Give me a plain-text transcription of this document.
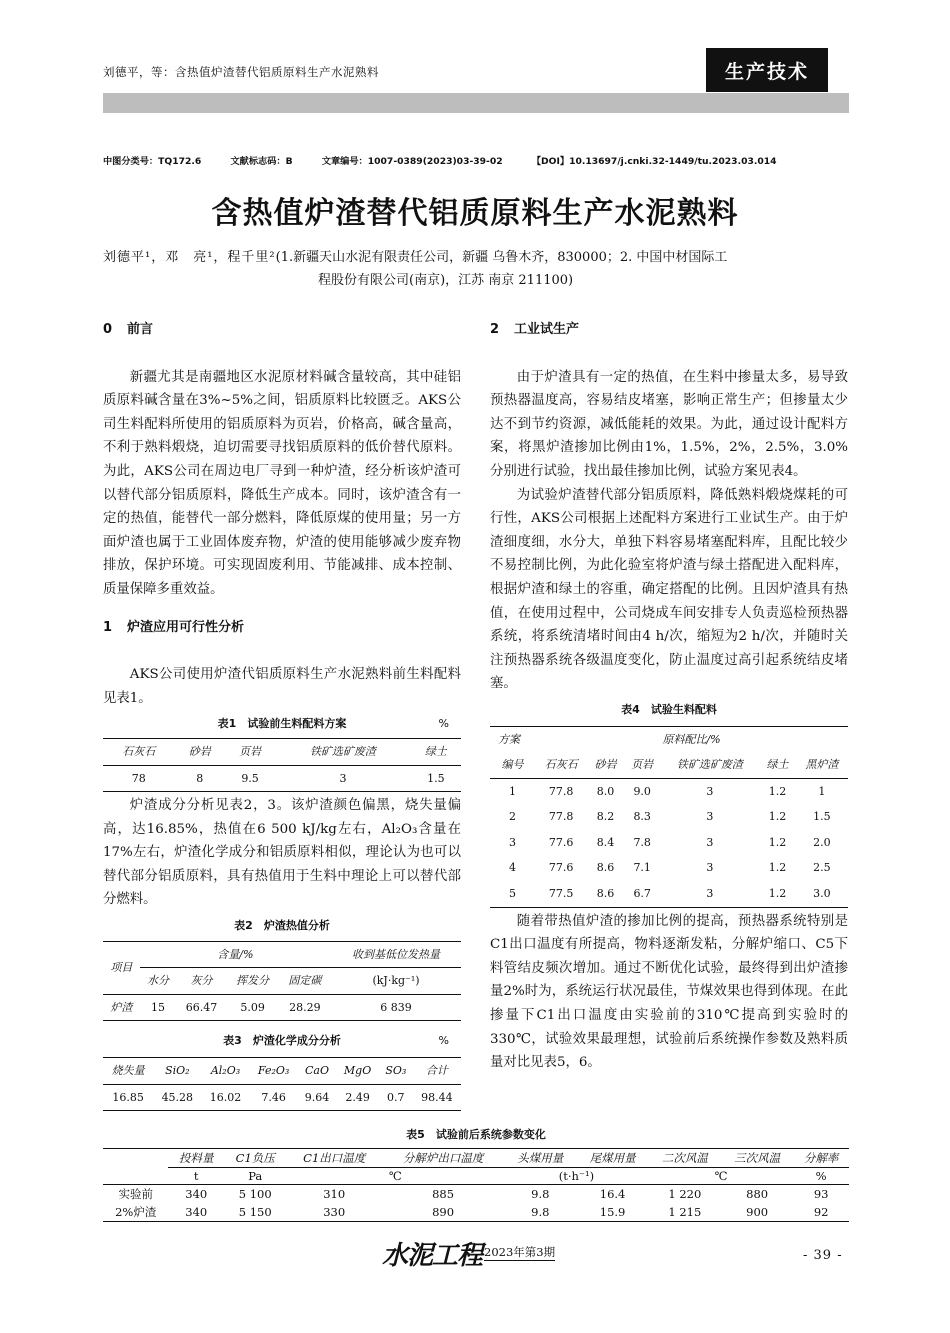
刘德平，等：含热值炉渣替代铝质原料生产水泥熟料	生产技术
中图分类号：TQ172.6	文献标志码：B	文章编号：1007-0389(2023)03-39-02	【DOI】10.13697/j.cnki.32-1449/tu.2023.03.014
含热值炉渣替代铝质原料生产水泥熟料
刘德平¹，邓　亮¹，程千里²(1.新疆天山水泥有限责任公司，新疆 乌鲁木齐，830000；2. 中国中材国际工
程股份有限公司(南京)，江苏 南京 211100)
0 前言

新疆尤其是南疆地区水泥原材料碱含量较高，其中硅铝质原料碱含量在3%~5%之间，铝质原料比较匮乏。AKS公司生料配料所使用的铝质原料为页岩，价格高，碱含量高，不利于熟料煅烧，迫切需要寻找铝质原料的低价替代原料。为此，AKS公司在周边电厂寻到一种炉渣，经分析该炉渣可以替代部分铝质原料，降低生产成本。同时，该炉渣含有一定的热值，能替代一部分燃料，降低原煤的使用量；另一方面炉渣也属于工业固体废弃物，炉渣的使用能够减少废弃物排放，保护环境。可实现固废利用、节能减排、成本控制、质量保障多重效益。

1 炉渣应用可行性分析

AKS公司使用炉渣代铝质原料生产水泥熟料前生料配料见表1。

表1　试验前生料配料方案	%
石灰石	砂岩	页岩	铁矿选矿废渣	绿土
78	8	9.5	3	1.5

炉渣成分分析见表2，3。该炉渣颜色偏黑，烧失量偏高，达16.85%，热值在6 500 kJ/kg左右，Al₂O₃含量在17%左右，炉渣化学成分和铝质原料相似，理论认为也可以替代部分铝质原料，具有热值用于生料中理论上可以替代部分燃料。

表2　炉渣热值分析
项目	含量/%				收到基低位发热量
	水分	灰分	挥发分	固定碳	(kJ·kg⁻¹)
炉渣	15	66.47	5.09	28.29	6 839
表3　炉渣化学成分分析	%
烧失量	SiO₂	Al₂O₃	Fe₂O₃	CaO	MgO	SO₃	合计
16.85	45.28	16.02	7.46	9.64	2.49	0.7	98.44
2 工业试生产

由于炉渣具有一定的热值，在生料中掺量太多，易导致预热器温度高，容易结皮堵塞，影响正常生产；但掺量太少达不到节约资源，减低能耗的效果。为此，通过设计配料方案，将黑炉渣掺加比例由1%，1.5%，2%，2.5%，3.0%分别进行试验，找出最佳掺加比例，试验方案见表4。

为试验炉渣替代部分铝质原料，降低熟料煅烧煤耗的可行性，AKS公司根据上述配料方案进行工业试生产。由于炉渣细度细，水分大，单独下料容易堵塞配料库，且配比较少不易控制比例，为此化验室将炉渣与绿土搭配进入配料库，根据炉渣和绿土的容重，确定搭配的比例。且因炉渣具有热值，在使用过程中，公司烧成车间安排专人负责巡检预热器系统，将系统清堵时间由4 h/次，缩短为2 h/次，并随时关注预热器系统各级温度变化，防止温度过高引起系统结皮堵塞。

表4　试验生料配料
方案	原料配比/%					
编号	石灰石	砂岩	页岩	铁矿选矿废渣	绿土	黑炉渣
1	77.8	8.0	9.0	3	1.2	1
2	77.8	8.2	8.3	3	1.2	1.5
3	77.6	8.4	7.8	3	1.2	2.0
4	77.6	8.6	7.1	3	1.2	2.5
5	77.5	8.6	6.7	3	1.2	3.0

随着带热值炉渣的掺加比例的提高，预热器系统特别是C1出口温度有所提高，物料逐渐发粘，分解炉缩口、C5下料管结皮频次增加。通过不断优化试验，最终得到出炉渣掺量2%时为，系统运行状况最佳，节煤效果也得到体现。在此掺量下C1出口温度由实验前的310℃提高到实验时的330℃，试验效果最理想，试验前后系统操作参数及熟料质量对比见表5，6。

表5　试验前后系统参数变化
	投料量	C1负压	C1出口温度	分解炉出口温度	头煤用量	尾煤用量	二次风温	三次风温	分解率
	t	Pa	℃		(t·h⁻¹)		℃		%
实验前	340	5 100	310	885	9.8	16.4	1 220	880	93
2%炉渣	340	5 150	330	890	9.8	15.9	1 215	900	92
水泥工程 2023年第3期	- 39 -
